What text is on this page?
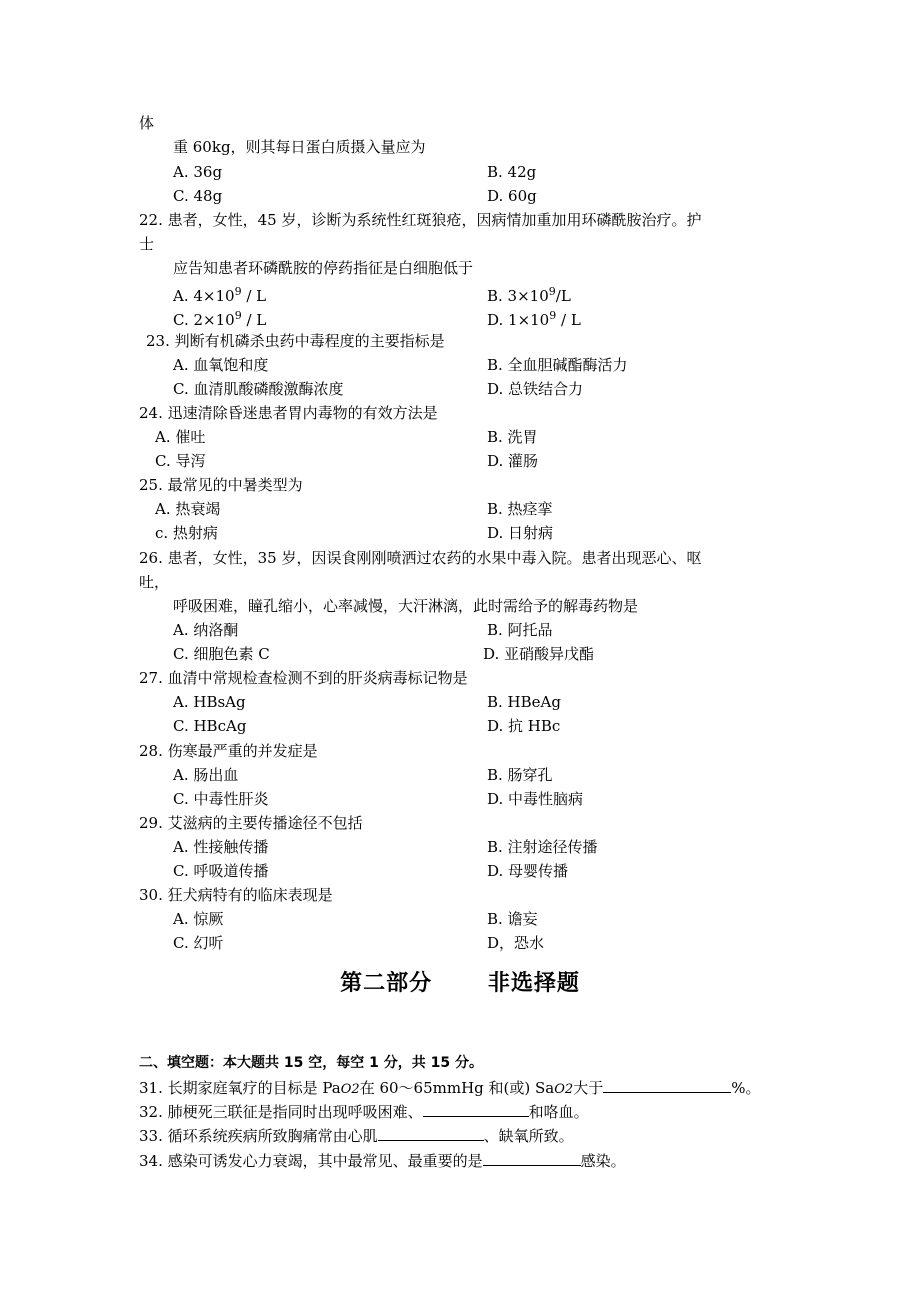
体
重 60kg，则其每日蛋白质摄入量应为
A. 36g	B. 42g
C. 48g	D. 60g
22. 患者，女性，45 岁，诊断为系统性红斑狼疮，因病情加重加用环磷酰胺治疗。护
士
应告知患者环磷酰胺的停药指征是白细胞低于
A. $4\times 10^9 / L$	B. $3\times 10^9/L$
C. $2\times 10^9 / L$	D. $1\times 10^9 / L$
23. 判断有机磷杀虫药中毒程度的主要指标是
A. 血氧饱和度	B. 全血胆碱酯酶活力
C. 血清肌酸磷酸激酶浓度	D. 总铁结合力
24. 迅速清除昏迷患者胃内毒物的有效方法是
A. 催吐	B. 洗胃
C. 导泻	D. 灌肠
25. 最常见的中暑类型为
A. 热衰竭	B. 热痉挛
c. 热射病	D. 日射病
26. 患者，女性，35 岁，因误食刚刚喷洒过农药的水果中毒入院。患者出现恶心、呕
吐，
呼吸困难，瞳孔缩小，心率减慢，大汗淋漓，此时需给予的解毒药物是
A. 纳洛酮	B. 阿托品
C. 细胞色素 C	D. 亚硝酸异戊酯
27. 血清中常规检查检测不到的肝炎病毒标记物是
A. HBsAg	B. HBeAg
C. HBcAg	D. 抗 HBc
28. 伤寒最严重的并发症是
A. 肠出血	B. 肠穿孔
C. 中毒性肝炎	D. 中毒性脑病
29. 艾滋病的主要传播途径不包括
A. 性接触传播	B. 注射途径传播
C. 呼吸道传播	D. 母婴传播
30. 狂犬病特有的临床表现是
A. 惊厥	B. 谵妄
C. 幻听	D，恐水
第二部分　 非选择题
二、填空题：本大题共 15 空，每空 1 分，共 15 分。
31. 长期家庭氧疗的目标是 PaO2在 60～65mmHg 和(或) SaO2大于	%。
32. 肺梗死三联征是指同时出现呼吸困难、	和咯血。
33. 循环系统疾病所致胸痛常由心肌	、缺氧所致。
34. 感染可诱发心力衰竭，其中最常见、最重要的是	感染。
